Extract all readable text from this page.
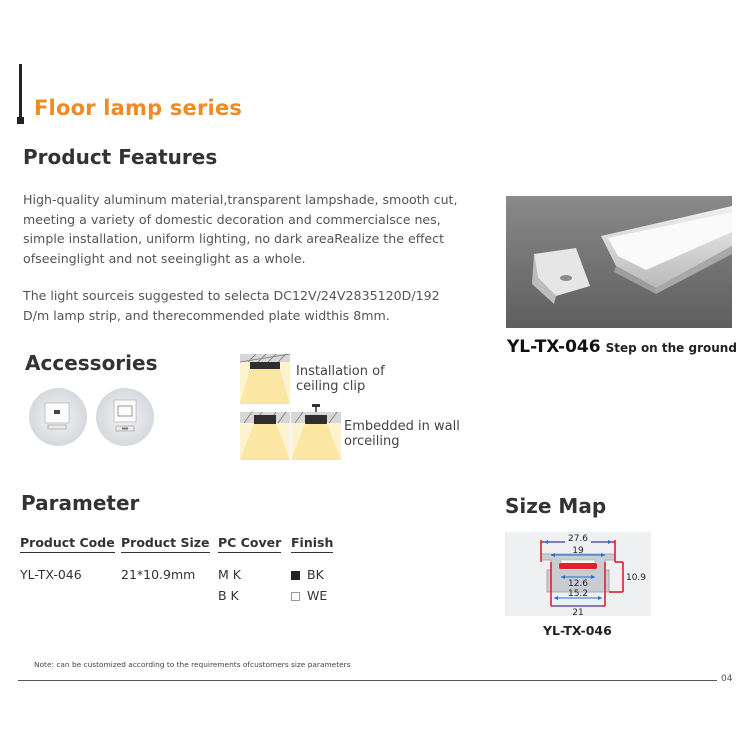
Floor lamp series
Product Features
High-quality aluminum material,transparent lampshade, smooth cut, meeting a variety of domestic decoration and commercialsce nes, simple installation, uniform lighting, no dark areaRealize the effect ofseeinglight and not seeinglight as a whole.
The light sourceis suggested to selecta DC12V/24V2835120D/192 D/m lamp strip, and therecommended plate widthis 8mm.
YL-TX-046 Step on the ground
Accessories	Installation of ceiling clip
Embedded in wall orceiling
Parameter
Product Code Product Size PC Cover Finish
YL-TX-046	21*10.9mm M K
B K
BK
WE
Size Map
27.6
19
12.6
10.9
15.2
21
YL-TX-046
Note: can be customized according to the requirements ofcustomers size parameters
04
